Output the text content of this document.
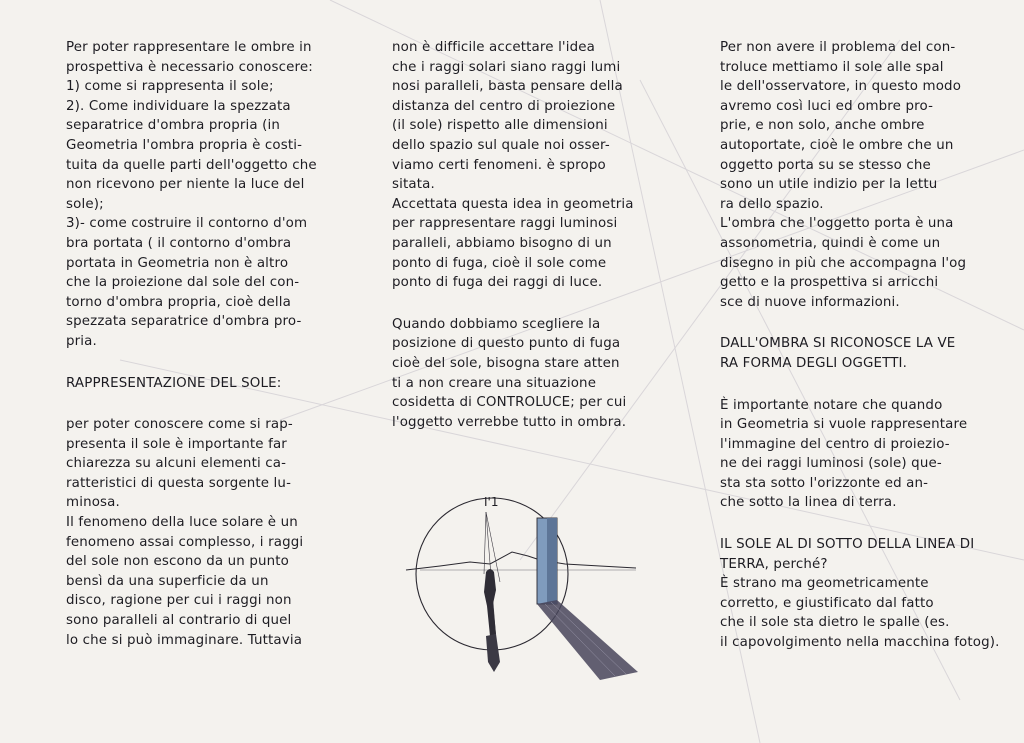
Per poter rappresentare le ombre in

prospettiva è necessario conoscere:

1) come si rappresenta il sole;

2). Come individuare la spezzata

separatrice d'ombra propria (in

Geometria l'ombra propria è costi-

tuita da quelle parti dell'oggetto che

non ricevono per niente la luce del

sole);

3)- come costruire il contorno d'om

bra portata ( il contorno d'ombra

portata in Geometria non è altro

che la proiezione dal sole del con-

torno d'ombra propria, cioè della

spezzata separatrice d'ombra pro-

pria.

RAPPRESENTAZIONE DEL SOLE:

per poter conoscere come si rap-

presenta il sole è importante far

chiarezza su alcuni elementi ca-

ratteristici di questa sorgente lu-

minosa.

Il fenomeno della luce solare è un

fenomeno assai complesso, i raggi

del sole non escono da un punto

bensì da una superficie da un

disco, ragione per cui i raggi non

sono paralleli al contrario di quel

lo che si può immaginare. Tuttavia

non è difficile accettare l'idea

che i raggi solari siano raggi lumi

nosi paralleli, basta pensare della

distanza del centro di proiezione

(il sole) rispetto alle dimensioni

dello spazio sul quale noi osser-

viamo certi fenomeni. è spropo

sitata.

Accettata questa idea in geometria

per rappresentare raggi luminosi

paralleli, abbiamo bisogno di un

ponto di fuga, cioè il sole come

ponto di fuga dei raggi di luce.

Quando dobbiamo scegliere la

posizione di questo punto di fuga

cioè del sole, bisogna stare atten

ti a non creare una situazione

cosidetta di CONTROLUCE; per cui

l'oggetto verrebbe tutto in ombra.

I'1

Per non avere il problema del con-

troluce mettiamo il sole alle spal

le dell'osservatore, in questo modo

avremo così luci ed ombre pro-

prie, e non solo, anche ombre

autoportate, cioè le ombre che un

oggetto porta su se stesso che

sono un utile indizio per la lettu

ra dello spazio.

L'ombra che l'oggetto porta è una

assonometria, quindi è come un

disegno in più che accompagna l'og

getto e la prospettiva si arricchi

sce di nuove informazioni.

DALL'OMBRA SI RICONOSCE LA VE

RA FORMA DEGLI OGGETTI.

È importante notare che quando

in Geometria si vuole rappresentare

l'immagine del centro di proiezio-

ne dei raggi luminosi (sole) que-

sta sta sotto l'orizzonte ed an-

che sotto la linea di terra.

IL SOLE AL DI SOTTO DELLA LINEA DI

TERRA, perché?

È strano ma geometricamente

corretto, e giustificato dal fatto

che il sole sta dietro le spalle (es.

il capovolgimento nella macchina fotog).
